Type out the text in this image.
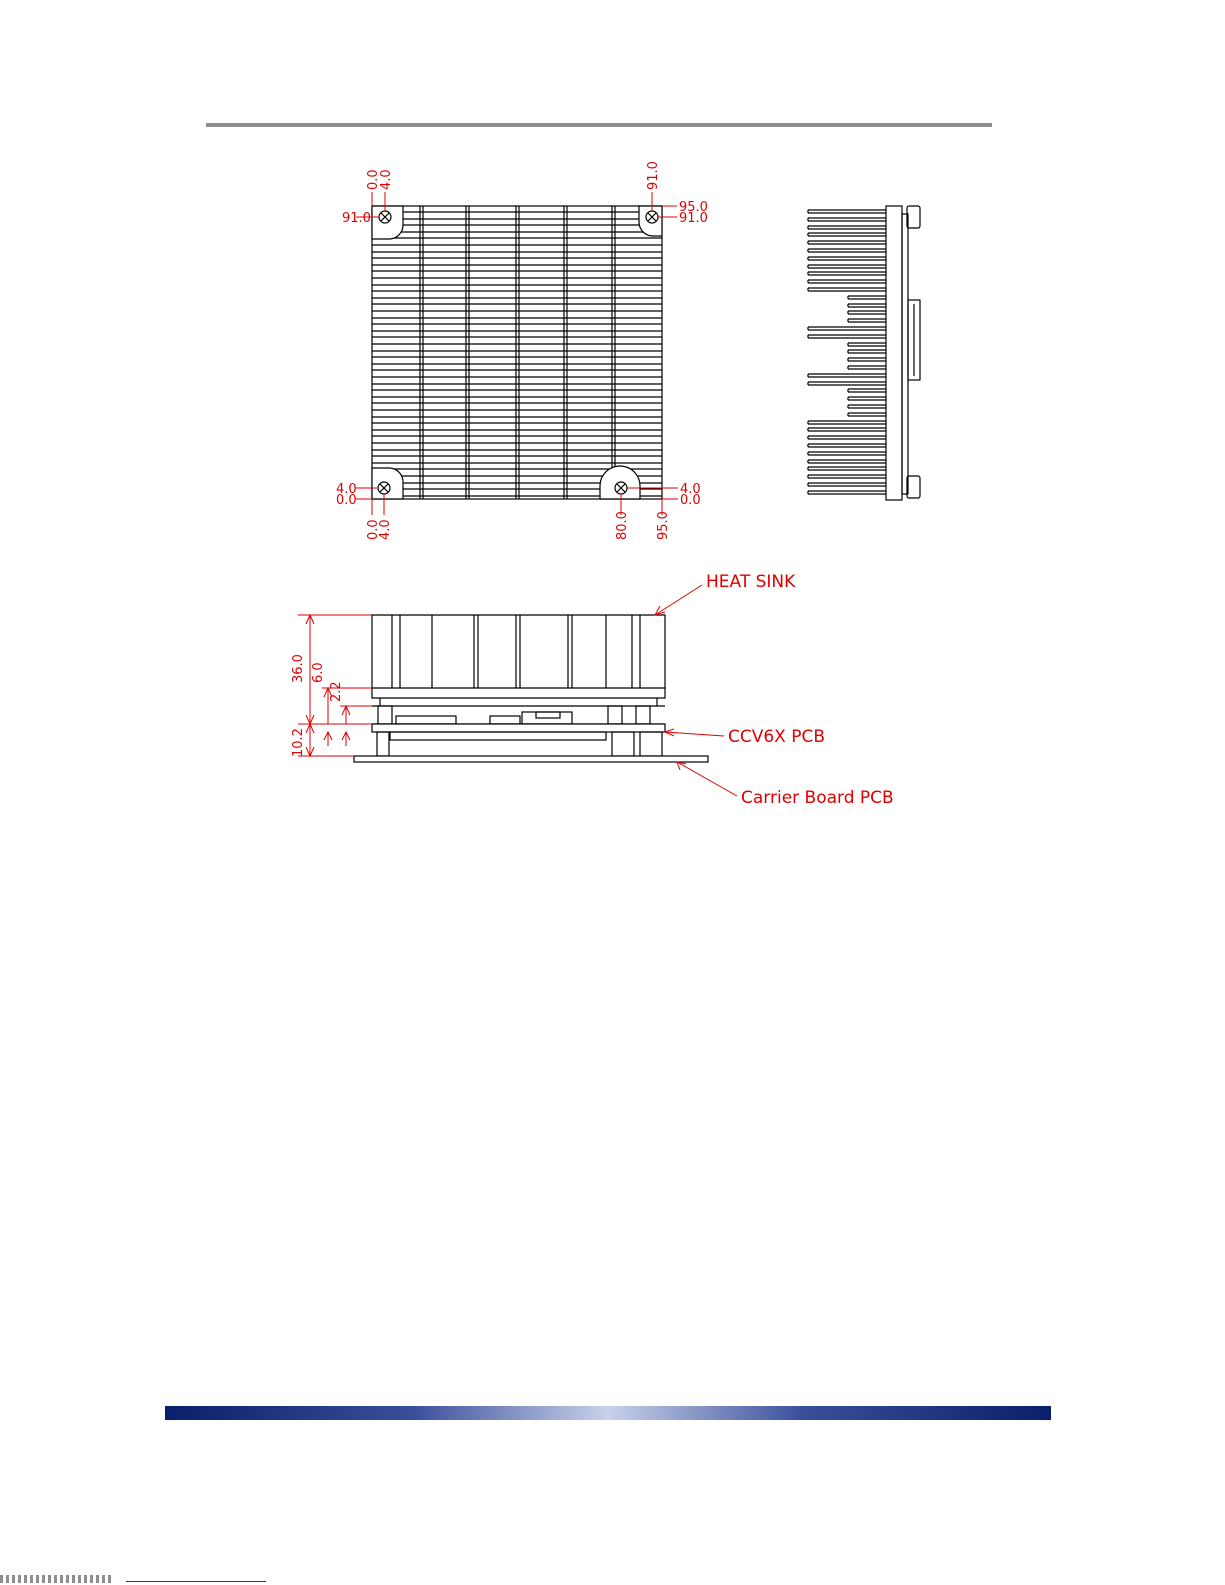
0.0
4.0
91.0
91.0
95.0
91.0
4.0
0.0
0.0
4.0	80.0 95.0
4.0
0.0
36.0 6.0
2.2
10.2
HEAT SINK
CCV6X PCB
Carrier Board PCB
